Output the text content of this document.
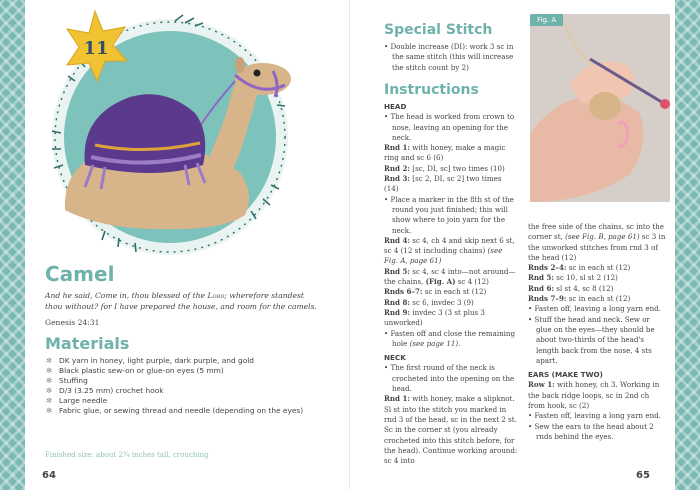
11
Camel
And he said, Come in, thou blessed of the Lord; wherefore standest thou without? for I have prepared the house, and room for the camels.
Genesis 24:31
Materials
✻ DK yarn in honey, light purple, dark purple, and gold
✻ Black plastic sew-on or glue-on eyes (5 mm)
✻ Stuffing
✻ D/3 (3.25 mm) crochet hook
✻ Large needle
✻ Fabric glue, or sewing thread and needle (depending on the eyes)
Finished size: about 2¾ inches tall, crouching
64
Special Stitch

• Double increase (DI): work 3 sc in the same stitch (this will increase the stitch count by 2)

Instructions

HEAD

• The head is worked from crown to nose, leaving an opening for the neck.

Rnd 1: with honey, make a magic ring and sc 6 (6)

Rnd 2: [sc, DI, sc] two times (10)

Rnd 3: [sc 2, DI, sc 2] two times (14)

• Place a marker in the 8th st of the round you just finished; this will show where to join yarn for the neck.

Rnd 4: sc 4, ch 4 and skip next 6 st, sc 4 (12 st including chains) (see Fig. A, page 61)

Rnd 5: sc 4, sc 4 into—not around—the chains, (Fig. A) sc 4 (12)

Rnds 6–7: sc in each st (12)

Rnd 8: sc 6, invdec 3 (9)

Rnd 9: invdec 3 (3 st plus 3 unworked)

• Fasten off and close the remaining hole (see page 11).

NECK

• The first round of the neck is crocheted into the opening on the head.

Rnd 1: with honey, make a slipknot. Sl st into the stitch you marked in rnd 3 of the head, sc in the next 2 st. Sc in the corner st (you already crocheted into this stitch before, for the head). Continue working around: sc 4 into

the free side of the chains, sc into the corner st, (see Fig. B, page 61) sc 3 in the unworked stitches from rnd 3 of the head (12)

Rnds 2–4: sc in each st (12)

Rnd 5: sc 10, sl st 2 (12)

Rnd 6: sl st 4, sc 8 (12)

Rnds 7–9: sc in each st (12)

• Fasten off, leaving a long yarn end.

• Stuff the head and neck. Sew or glue on the eyes—they should be about two-thirds of the head's length back from the nose, 4 sts apart.

EARS (MAKE TWO)

Row 1: with honey, ch 3. Working in the back ridge loops, sc in 2nd ch from hook, sc (2)

• Fasten off, leaving a long yarn end.

• Sew the ears to the head about 2 rnds behind the eyes.

Fig. A
65
